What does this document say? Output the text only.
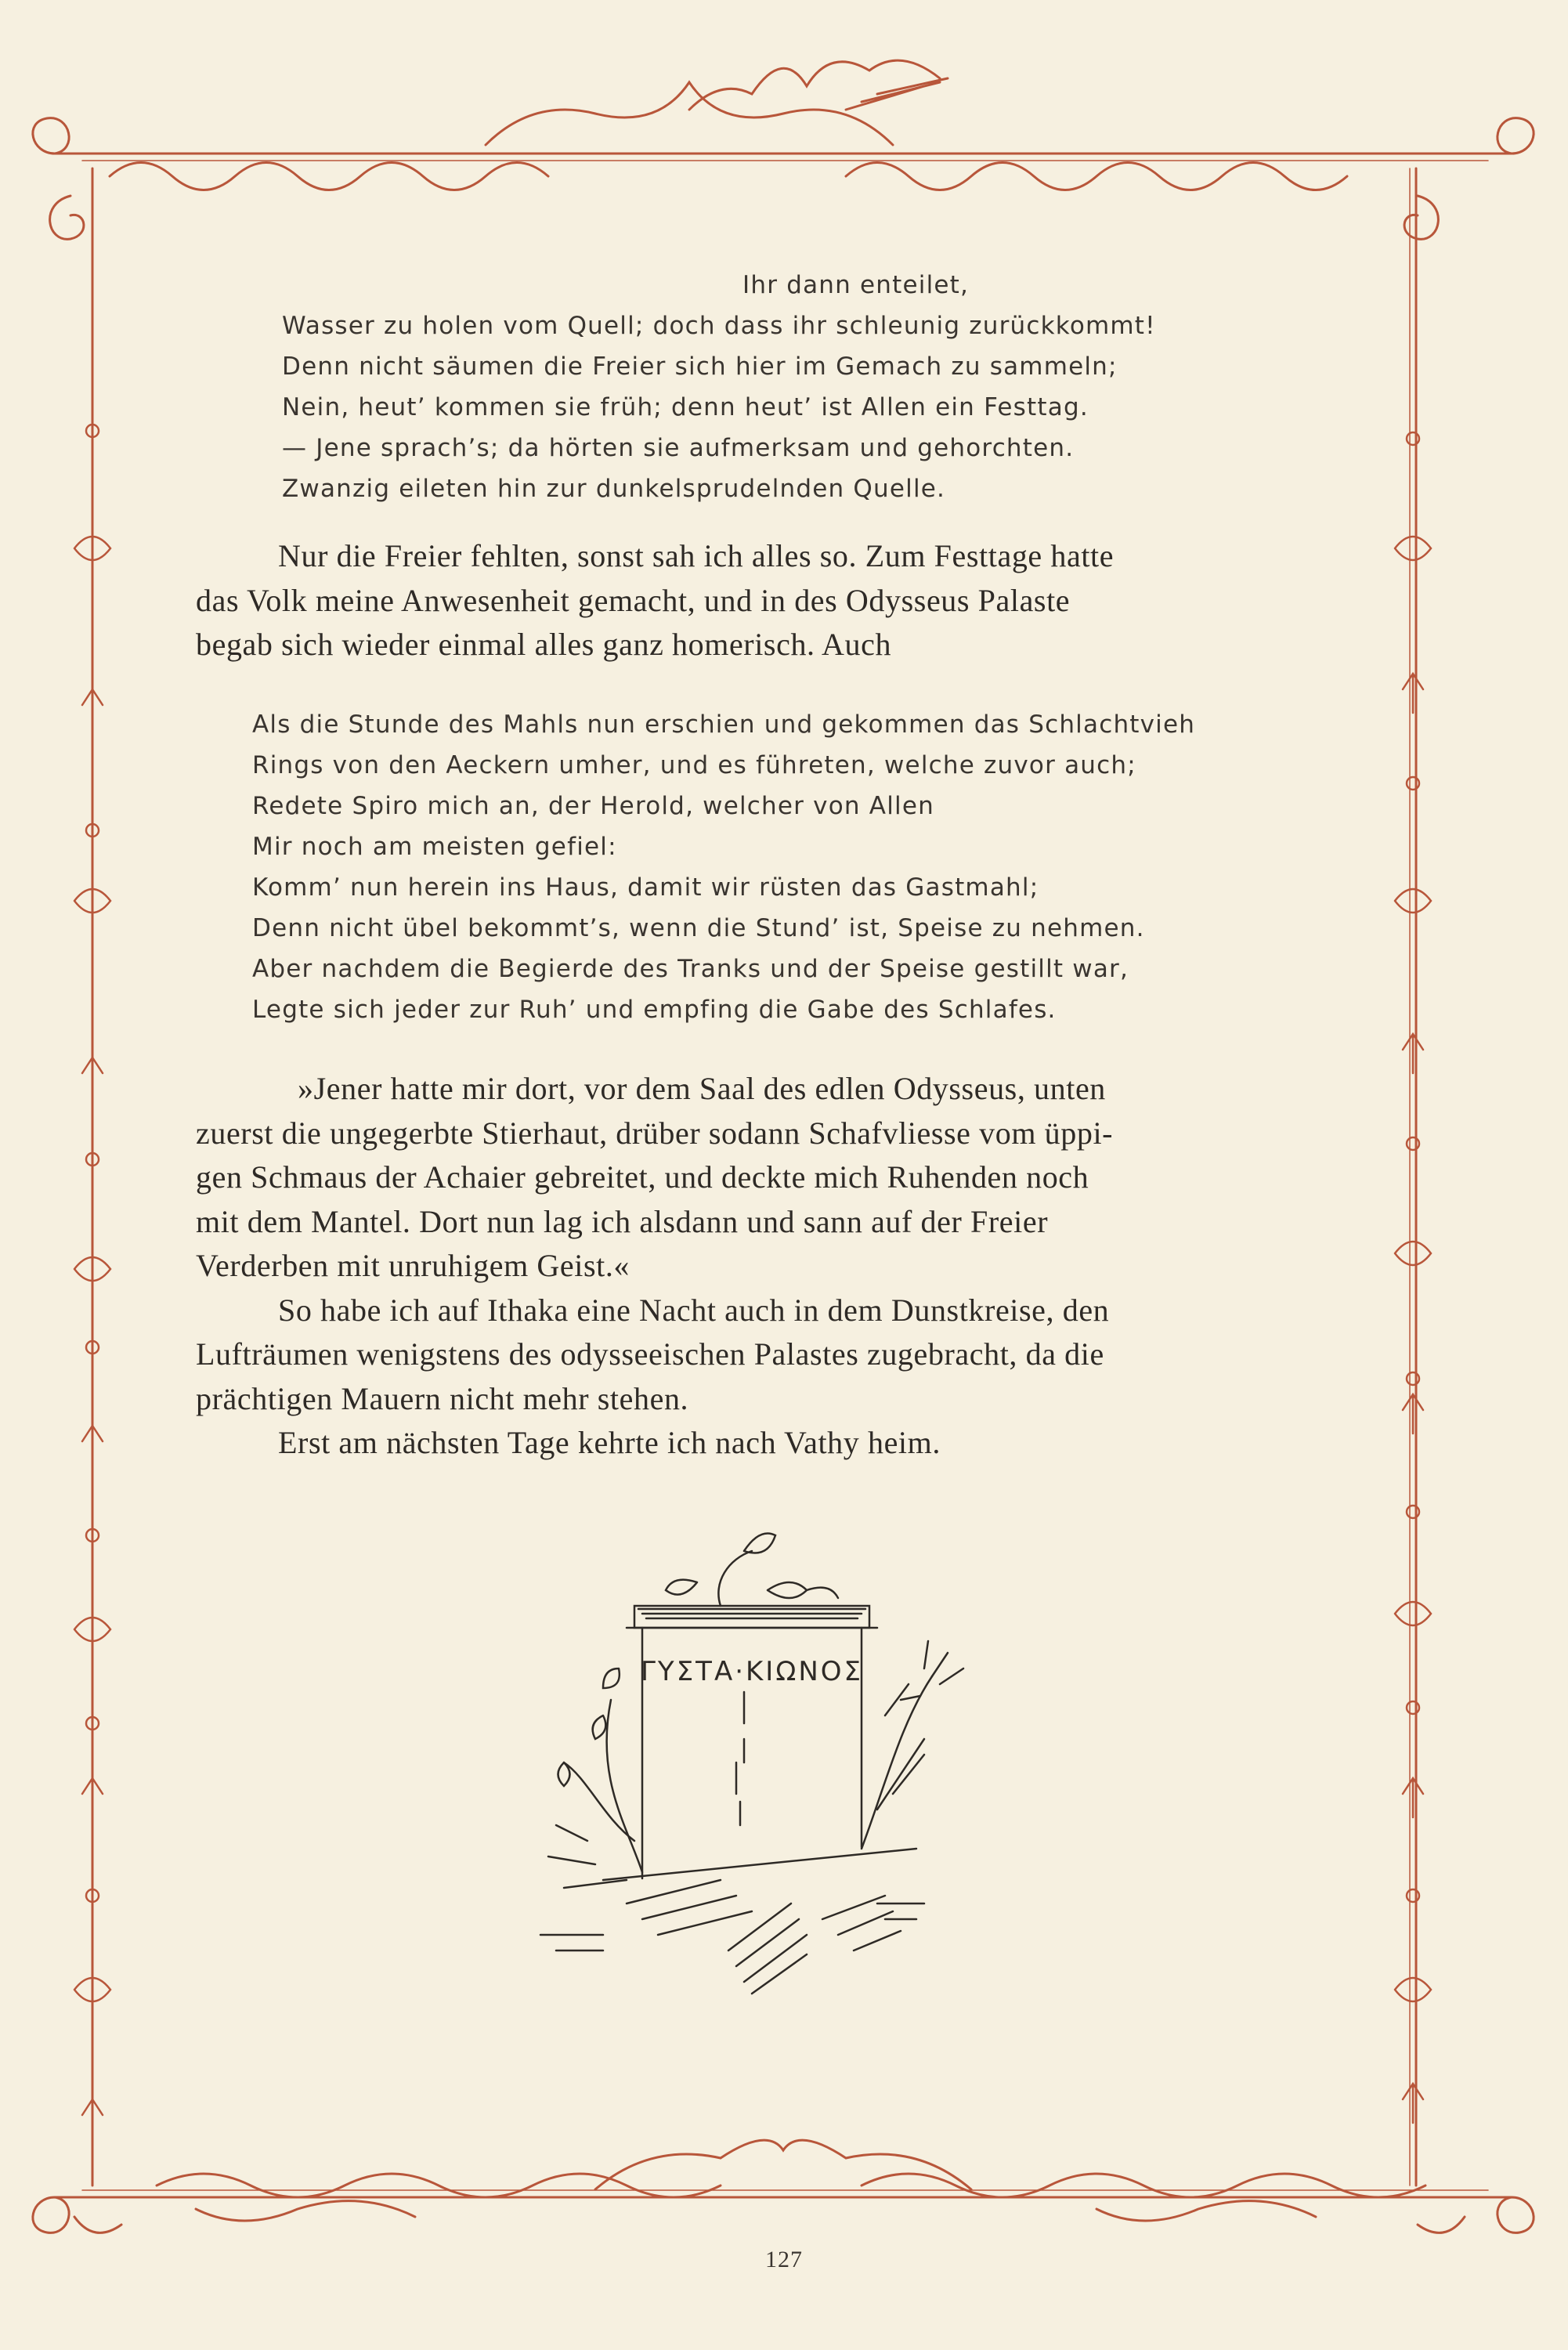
Ihr dann enteilet,
Wasser zu holen vom Quell; doch dass ihr schleunig zurückkommt!
Denn nicht säumen die Freier sich hier im Gemach zu sammeln;
Nein, heut’ kommen sie früh; denn heut’ ist Allen ein Festtag.
— Jene sprach’s; da hörten sie aufmerksam und gehorchten.
Zwanzig eileten hin zur dunkelsprudelnden Quelle.
Nur die Freier fehlten, sonst sah ich alles so. Zum Festtage hatte
das Volk meine Anwesenheit gemacht, und in des Odysseus Palaste
begab sich wieder einmal alles ganz homerisch. Auch
Als die Stunde des Mahls nun erschien und gekommen das Schlachtvieh
Rings von den Aeckern umher, und es führeten, welche zuvor auch;
Redete Spiro mich an, der Herold, welcher von Allen
Mir noch am meisten gefiel:
Komm’ nun herein ins Haus, damit wir rüsten das Gastmahl;
Denn nicht übel bekommt’s, wenn die Stund’ ist, Speise zu nehmen.
Aber nachdem die Begierde des Tranks und der Speise gestillt war,
Legte sich jeder zur Ruh’ und empfing die Gabe des Schlafes.
»Jener hatte mir dort, vor dem Saal des edlen Odysseus, unten
zuerst die ungegerbte Stierhaut, drüber sodann Schafvliesse vom üppi-
gen Schmaus der Achaier gebreitet, und deckte mich Ruhenden noch
mit dem Mantel. Dort nun lag ich alsdann und sann auf der Freier
Verderben mit unruhigem Geist.«
So habe ich auf Ithaka eine Nacht auch in dem Dunstkreise, den
Lufträumen wenigstens des odysseeischen Palastes zugebracht, da die
prächtigen Mauern nicht mehr stehen.
Erst am nächsten Tage kehrte ich nach Vathy heim.
ΓΥΣΤΑ·ΚΙΩΝΟΣ
127
